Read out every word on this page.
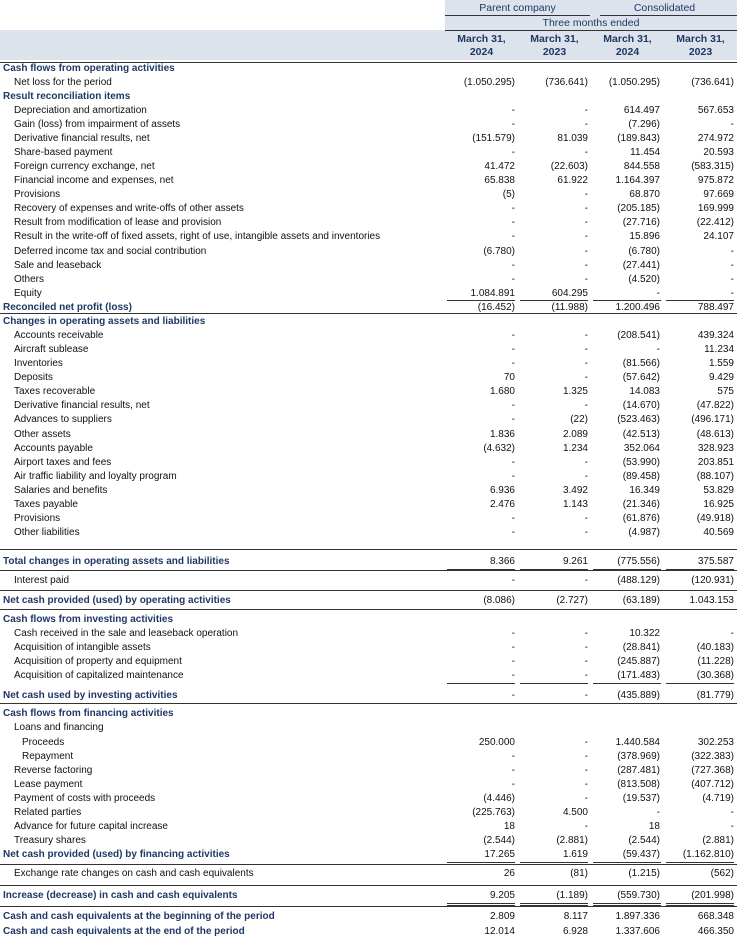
Parent company	Consolidated
Three months ended
March 31,
2024
March 31,
2023
March 31,
2024
March 31,
2023
Cash flows from operating activities
Net loss for the period	(1.050.295)	(736.641)	(1.050.295)	(736.641)
Result reconciliation items
Depreciation and amortization	-	-	614.497	567.653
Gain (loss) from impairment of assets	-	-	(7.296)	-
Derivative financial results, net	(151.579)	81.039	(189.843)	274.972
Share-based payment	-	-	11.454	20.593
Foreign currency exchange, net	41.472	(22.603)	844.558	(583.315)
Financial income and expenses, net	65.838	61.922	1.164.397	975.872
Provisions	(5)	-	68.870	97.669
Recovery of expenses and write-offs of other assets	-	-	(205.185)	169.999
Result from modification of lease and provision	-	-	(27.716)	(22.412)
Result in the write-off of fixed assets, right of use, intangible assets and inventories	-	-	15.896	24.107
Deferred income tax and social contribution	(6.780)	-	(6.780)	-
Sale and leaseback	-	-	(27.441)	-
Others	-	-	(4.520)	-
Equity	1.084.891	604.295	-	-
Reconciled net profit (loss)	(16.452)	(11.988)	1.200.496	788.497
Changes in operating assets and liabilities
Accounts receivable	-	-	(208.541)	439.324
Aircraft sublease	-	-	-	11.234
Inventories	-	-	(81.566)	1.559
Deposits	70	-	(57.642)	9.429
Taxes recoverable	1.680	1.325	14.083	575
Derivative financial results, net	-	-	(14.670)	(47.822)
Advances to suppliers	-	(22)	(523.463)	(496.171)
Other assets	1.836	2.089	(42.513)	(48.613)
Accounts payable	(4.632)	1.234	352.064	328.923
Airport taxes and fees	-	-	(53.990)	203.851
Air traffic liability and loyalty program	-	-	(89.458)	(88.107)
Salaries and benefits	6.936	3.492	16.349	53.829
Taxes payable	2.476	1.143	(21.346)	16.925
Provisions	-	-	(61.876)	(49.918)
Other liabilities	-	-	(4.987)	40.569
Total changes in operating assets and liabilities	8.366	9.261	(775.556)	375.587
Interest paid	-	-	(488.129)	(120.931)
Net cash provided (used) by operating activities	(8.086)	(2.727)	(63.189)	1.043.153
Cash flows from investing activities
Cash received in the sale and leaseback operation	-	-	10.322	-
Acquisition of intangible assets	-	-	(28.841)	(40.183)
Acquisition of property and equipment	-	-	(245.887)	(11.228)
Acquisition of capitalized maintenance	-	-	(171.483)	(30.368)
Net cash used by investing activities	-	-	(435.889)	(81.779)
Cash flows from financing activities
Loans and financing
Proceeds	250.000	-	1.440.584	302.253
Repayment	-	-	(378.969)	(322.383)
Reverse factoring	-	-	(287.481)	(727.368)
Lease payment	-	-	(813.508)	(407.712)
Payment of costs with proceeds	(4.446)	-	(19.537)	(4.719)
Related parties	(225.763)	4.500	-	-
Advance for future capital increase	18	-	18	-
Treasury shares	(2.544)	(2.881)	(2.544)	(2.881)
Net cash provided (used) by financing activities	17.265	1.619	(59.437)	(1.162.810)
Exchange rate changes on cash and cash equivalents	26	(81)	(1.215)	(562)
Increase (decrease) in cash and cash equivalents	9.205	(1.189)	(559.730)	(201.998)
Cash and cash equivalents at the beginning of the period	2.809	8.117	1.897.336	668.348
Cash and cash equivalents at the end of the period	12.014	6.928	1.337.606	466.350
